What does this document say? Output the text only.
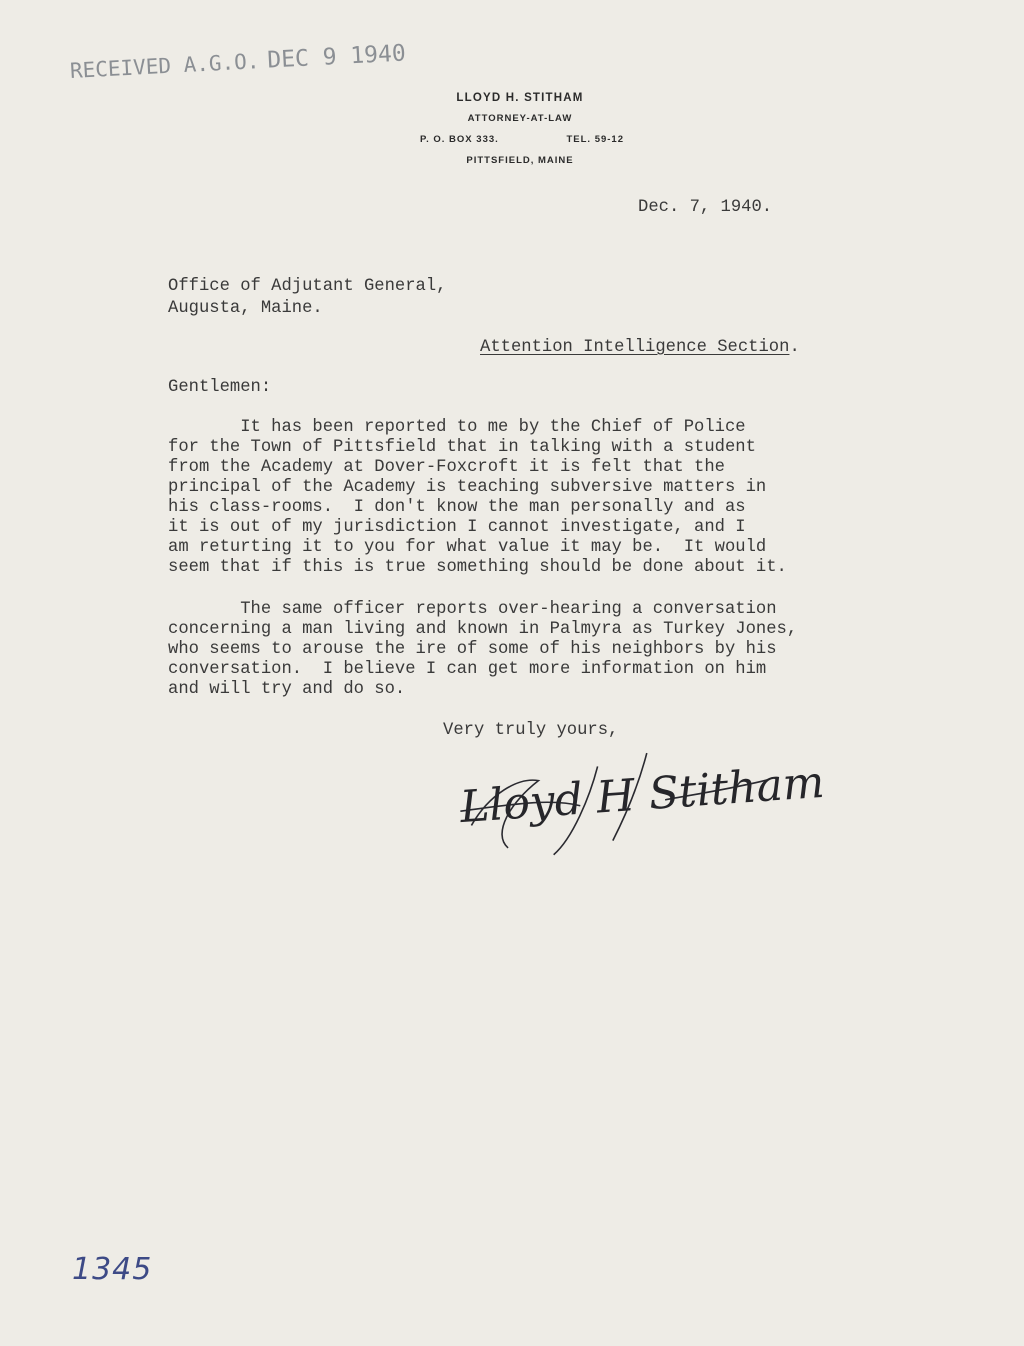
RECEIVED A.G.O. DEC 9 1940
LLOYD H. STITHAM
ATTORNEY-AT-LAW
P. O. BOX 333.	TEL. 59-12
PITTSFIELD, MAINE
Dec. 7, 1940.
Office of Adjutant General,
Augusta, Maine.
Attention Intelligence Section.
Gentlemen:
It has been reported to me by the Chief of Police
for the Town of Pittsfield that in talking with a student
from the Academy at Dover-Foxcroft it is felt that the
principal of the Academy is teaching subversive matters in
his class-rooms.  I don't know the man personally and as
it is out of my jurisdiction I cannot investigate, and I
am returting it to you for what value it may be.  It would
seem that if this is true something should be done about it.
The same officer reports over-hearing a conversation
concerning a man living and known in Palmyra as Turkey Jones,
who seems to arouse the ire of some of his neighbors by his
conversation.  I believe I can get more information on him
and will try and do so.
Very truly yours,
Lloyd H Stitham
1345
